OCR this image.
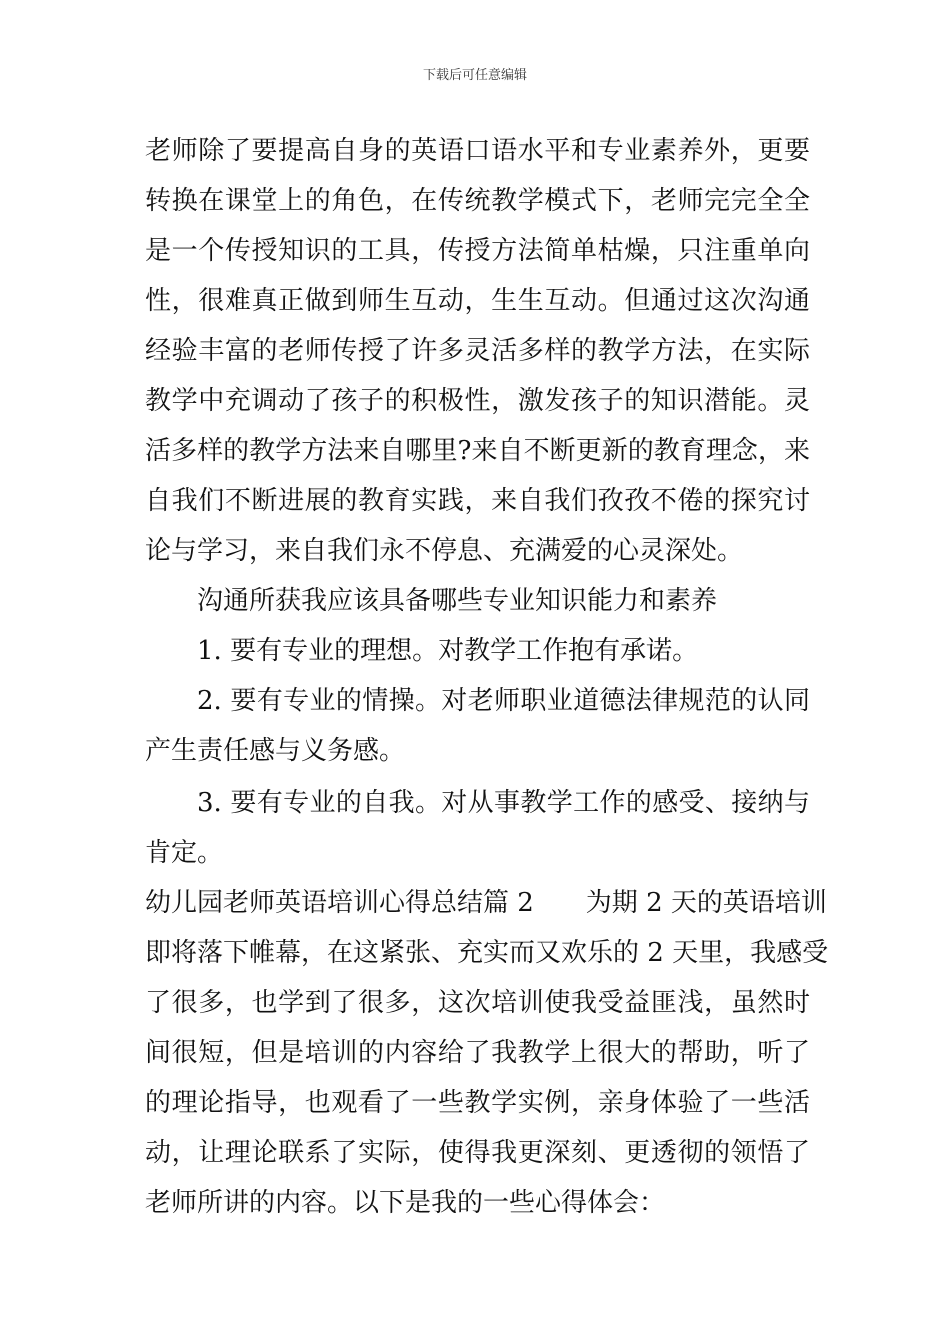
下载后可任意编辑
老师除了要提高自身的英语口语水平和专业素养外，更要
转换在课堂上的角色，在传统教学模式下，老师完完全全
是一个传授知识的工具，传授方法简单枯燥，只注重单向
性，很难真正做到师生互动，生生互动。但通过这次沟通
经验丰富的老师传授了许多灵活多样的教学方法，在实际
教学中充调动了孩子的积极性，激发孩子的知识潜能。灵
活多样的教学方法来自哪里?来自不断更新的教育理念，来
自我们不断进展的教育实践，来自我们孜孜不倦的探究讨
论与学习，来自我们永不停息、充满爱的心灵深处。
沟通所获我应该具备哪些专业知识能力和素养
1. 要有专业的理想。对教学工作抱有承诺。
2. 要有专业的情操。对老师职业道德法律规范的认同
产生责任感与义务感。
3. 要有专业的自我。对从事教学工作的感受、接纳与
肯定。
幼儿园老师英语培训心得总结篇 2　　为期 2 天的英语培训
即将落下帷幕，在这紧张、充实而又欢乐的 2 天里，我感受
了很多，也学到了很多，这次培训使我受益匪浅，虽然时
间很短，但是培训的内容给了我教学上很大的帮助，听了
的理论指导，也观看了一些教学实例，亲身体验了一些活
动，让理论联系了实际，使得我更深刻、更透彻的领悟了
老师所讲的内容。以下是我的一些心得体会：
